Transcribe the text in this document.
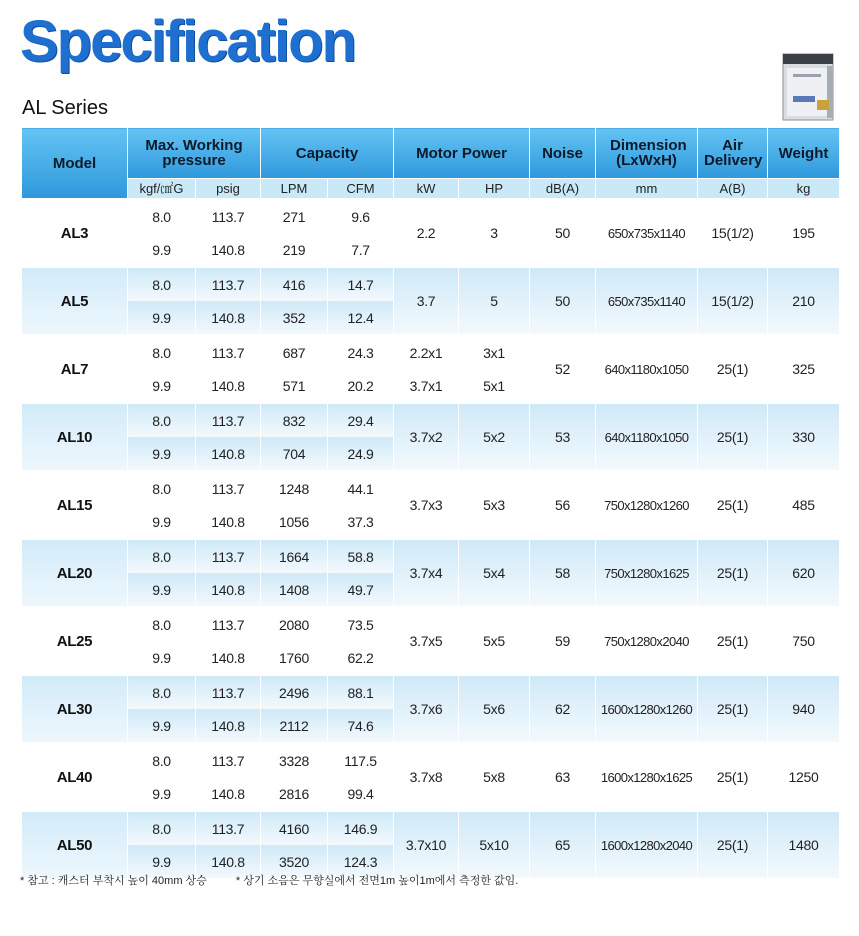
Specification
AL Series
Model	Max. Working pressure		Capacity		Motor Power		Noise	Dimension (LxWxH)	Air Delivery	Weight
	kgf/㎠G	psig	LPM	CFM	kW	HP	dB(A)	mm	A(B)	kg
AL3	8.0	113.7	271	9.6	2.2	3	50	650x735x1140	15(1/2)	195
	9.9	140.8	219	7.7						
AL5	8.0	113.7	416	14.7	3.7	5	50	650x735x1140	15(1/2)	210
	9.9	140.8	352	12.4						
AL7	8.0	113.7	687	24.3	2.2x1	3x1	52	640x1180x1050	25(1)	325
	9.9	140.8	571	20.2	3.7x1	5x1				
AL10	8.0	113.7	832	29.4	3.7x2	5x2	53	640x1180x1050	25(1)	330
	9.9	140.8	704	24.9						
AL15	8.0	113.7	1248	44.1	3.7x3	5x3	56	750x1280x1260	25(1)	485
	9.9	140.8	1056	37.3						
AL20	8.0	113.7	1664	58.8	3.7x4	5x4	58	750x1280x1625	25(1)	620
	9.9	140.8	1408	49.7						
AL25	8.0	113.7	2080	73.5	3.7x5	5x5	59	750x1280x2040	25(1)	750
	9.9	140.8	1760	62.2						
AL30	8.0	113.7	2496	88.1	3.7x6	5x6	62	1600x1280x1260	25(1)	940
	9.9	140.8	2112	74.6						
AL40	8.0	113.7	3328	117.5	3.7x8	5x8	63	1600x1280x1625	25(1)	1250
	9.9	140.8	2816	99.4						
AL50	8.0	113.7	4160	146.9	3.7x10	5x10	65	1600x1280x2040	25(1)	1480
	9.9	140.8	3520	124.3						
* 참고 : 캐스터 부착시 높이 40mm 상승	* 상기 소음은 무향실에서 전면1m 높이1m에서 측정한 값임.
